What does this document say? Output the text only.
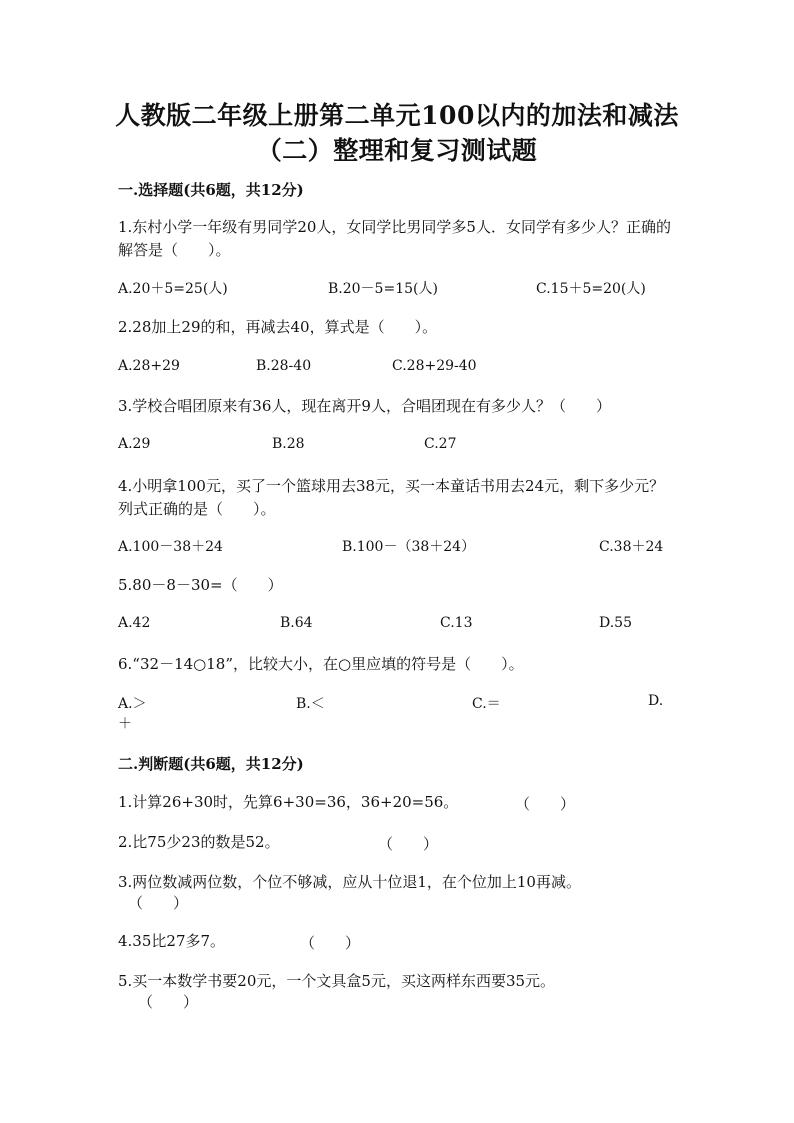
人教版二年级上册第二单元100以内的加法和减法
（二）整理和复习测试题
一.选择题(共6题，共12分)
1.东村小学一年级有男同学20人，女同学比男同学多5人．女同学有多少人？正确的解答是（　　）。
A.20＋5=25(人)	B.20－5=15(人)	C.15＋5=20(人)
2.28加上29的和，再减去40，算式是（　　）。
A.28+29	B.28-40	C.28+29-40
3.学校合唱团原来有36人，现在离开9人，合唱团现在有多少人？（　　）
A.29	B.28	C.27
4.小明拿100元，买了一个篮球用去38元，买一本童话书用去24元，剩下多少元？列式正确的是（　　）。
A.100－38＋24	B.100－（38＋24）	C.38＋24
5.80－8－30=（　　）
A.42	B.64	C.13	D.55
6.“32－14○18”，比较大小，在○里应填的符号是（　　）。
A.＞	B.＜	C.＝	D.
＋
二.判断题(共6题，共12分)
1.计算26+30时，先算6+30=36，36+20=56。	（　　）
2.比75少23的数是52。	（　　）
3.两位数减两位数，个位不够减，应从十位退1，在个位加上10再减。
（　　）
4.35比27多7。	（　　）
5.买一本数学书要20元，一个文具盒5元，买这两样东西要35元。
（　　）
